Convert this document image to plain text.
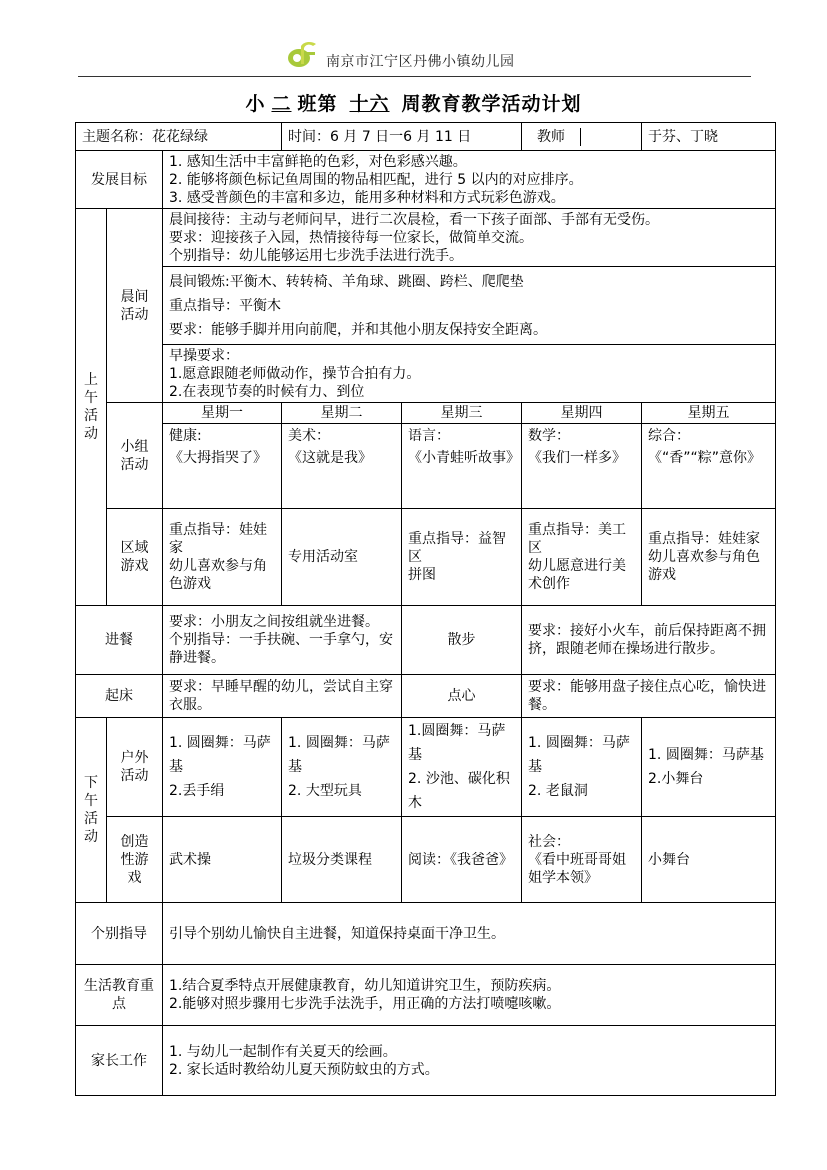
南京市江宁区丹佛小镇幼儿园
小 二 班第 十六 周教育教学活动计划
主题名称：花花绿绿			时间：6 月 7 日一6 月 11 日		教师	于芬、丁晓
发展目标		1. 感知生活中丰富鲜艳的色彩，对色彩感兴趣。
2. 能够将颜色标记鱼周围的物品相匹配，进行 5 以内的对应排序。
3. 感受普颜色的丰富和多边，能用多种材料和方式玩彩色游戏。				

上午活动	晨间活动	晨间接待：主动与老师问早，进行二次晨检，看一下孩子面部、手部有无受伤。
要求：迎接孩子入园，热情接待每一位家长，做简单交流。
个别指导：幼儿能够运用七步洗手法进行洗手。				

		晨间锻炼:平衡木、转转椅、羊角球、跳圈、跨栏、爬爬垫
重点指导：平衡木
要求：能够手脚并用向前爬，并和其他小朋友保持安全距离。				

		早操要求：
1.愿意跟随老师做动作，操节合拍有力。
2.在表现节奏的时候有力、到位				

	小组活动	星期一	星期二	星期三	星期四	星期五

		健康:
《大拇指哭了》	美术：
《这就是我》	语言：
《小青蛙听故事》	数学：
《我们一样多》	综合：
《“香”“粽”意你》

	区域游戏	重点指导：娃娃家
幼儿喜欢参与角色游戏	专用活动室	重点指导：益智区
拼图	重点指导：美工区
幼儿愿意进行美术创作	重点指导：娃娃家
幼儿喜欢参与角色游戏

进餐		要求：小朋友之间按组就坐进餐。
个别指导：一手扶碗、一手拿勺，安静进餐。		散步	要求：接好小火车，前后保持距离不拥挤，跟随老师在操场进行散步。	
起床		要求：早睡早醒的幼儿，尝试自主穿衣服。		点心	要求：能够用盘子接住点心吃，愉快进餐。	
下午活动	户外活动	1. 圆圈舞：马萨基
2.丢手绢	1. 圆圈舞：马萨基
2. 大型玩具	1.圆圈舞：马萨基
2. 沙池、碳化积木	1. 圆圈舞：马萨基
2. 老鼠洞	1. 圆圈舞：马萨基
2.小舞台

	创造性游戏	武术操	垃圾分类课程	阅读：《我爸爸》	社会：
《看中班哥哥姐姐学本领》	小舞台

个别指导		引导个别幼儿愉快自主进餐，知道保持桌面干净卫生。				
生活教育重点		1.结合夏季特点开展健康教育，幼儿知道讲究卫生，预防疾病。
2.能够对照步骤用七步洗手法洗手，用正确的方法打喷嚏咳嗽。				

家长工作		1. 与幼儿一起制作有关夏天的绘画。
2. 家长适时教给幼儿夏天预防蚊虫的方式。				
